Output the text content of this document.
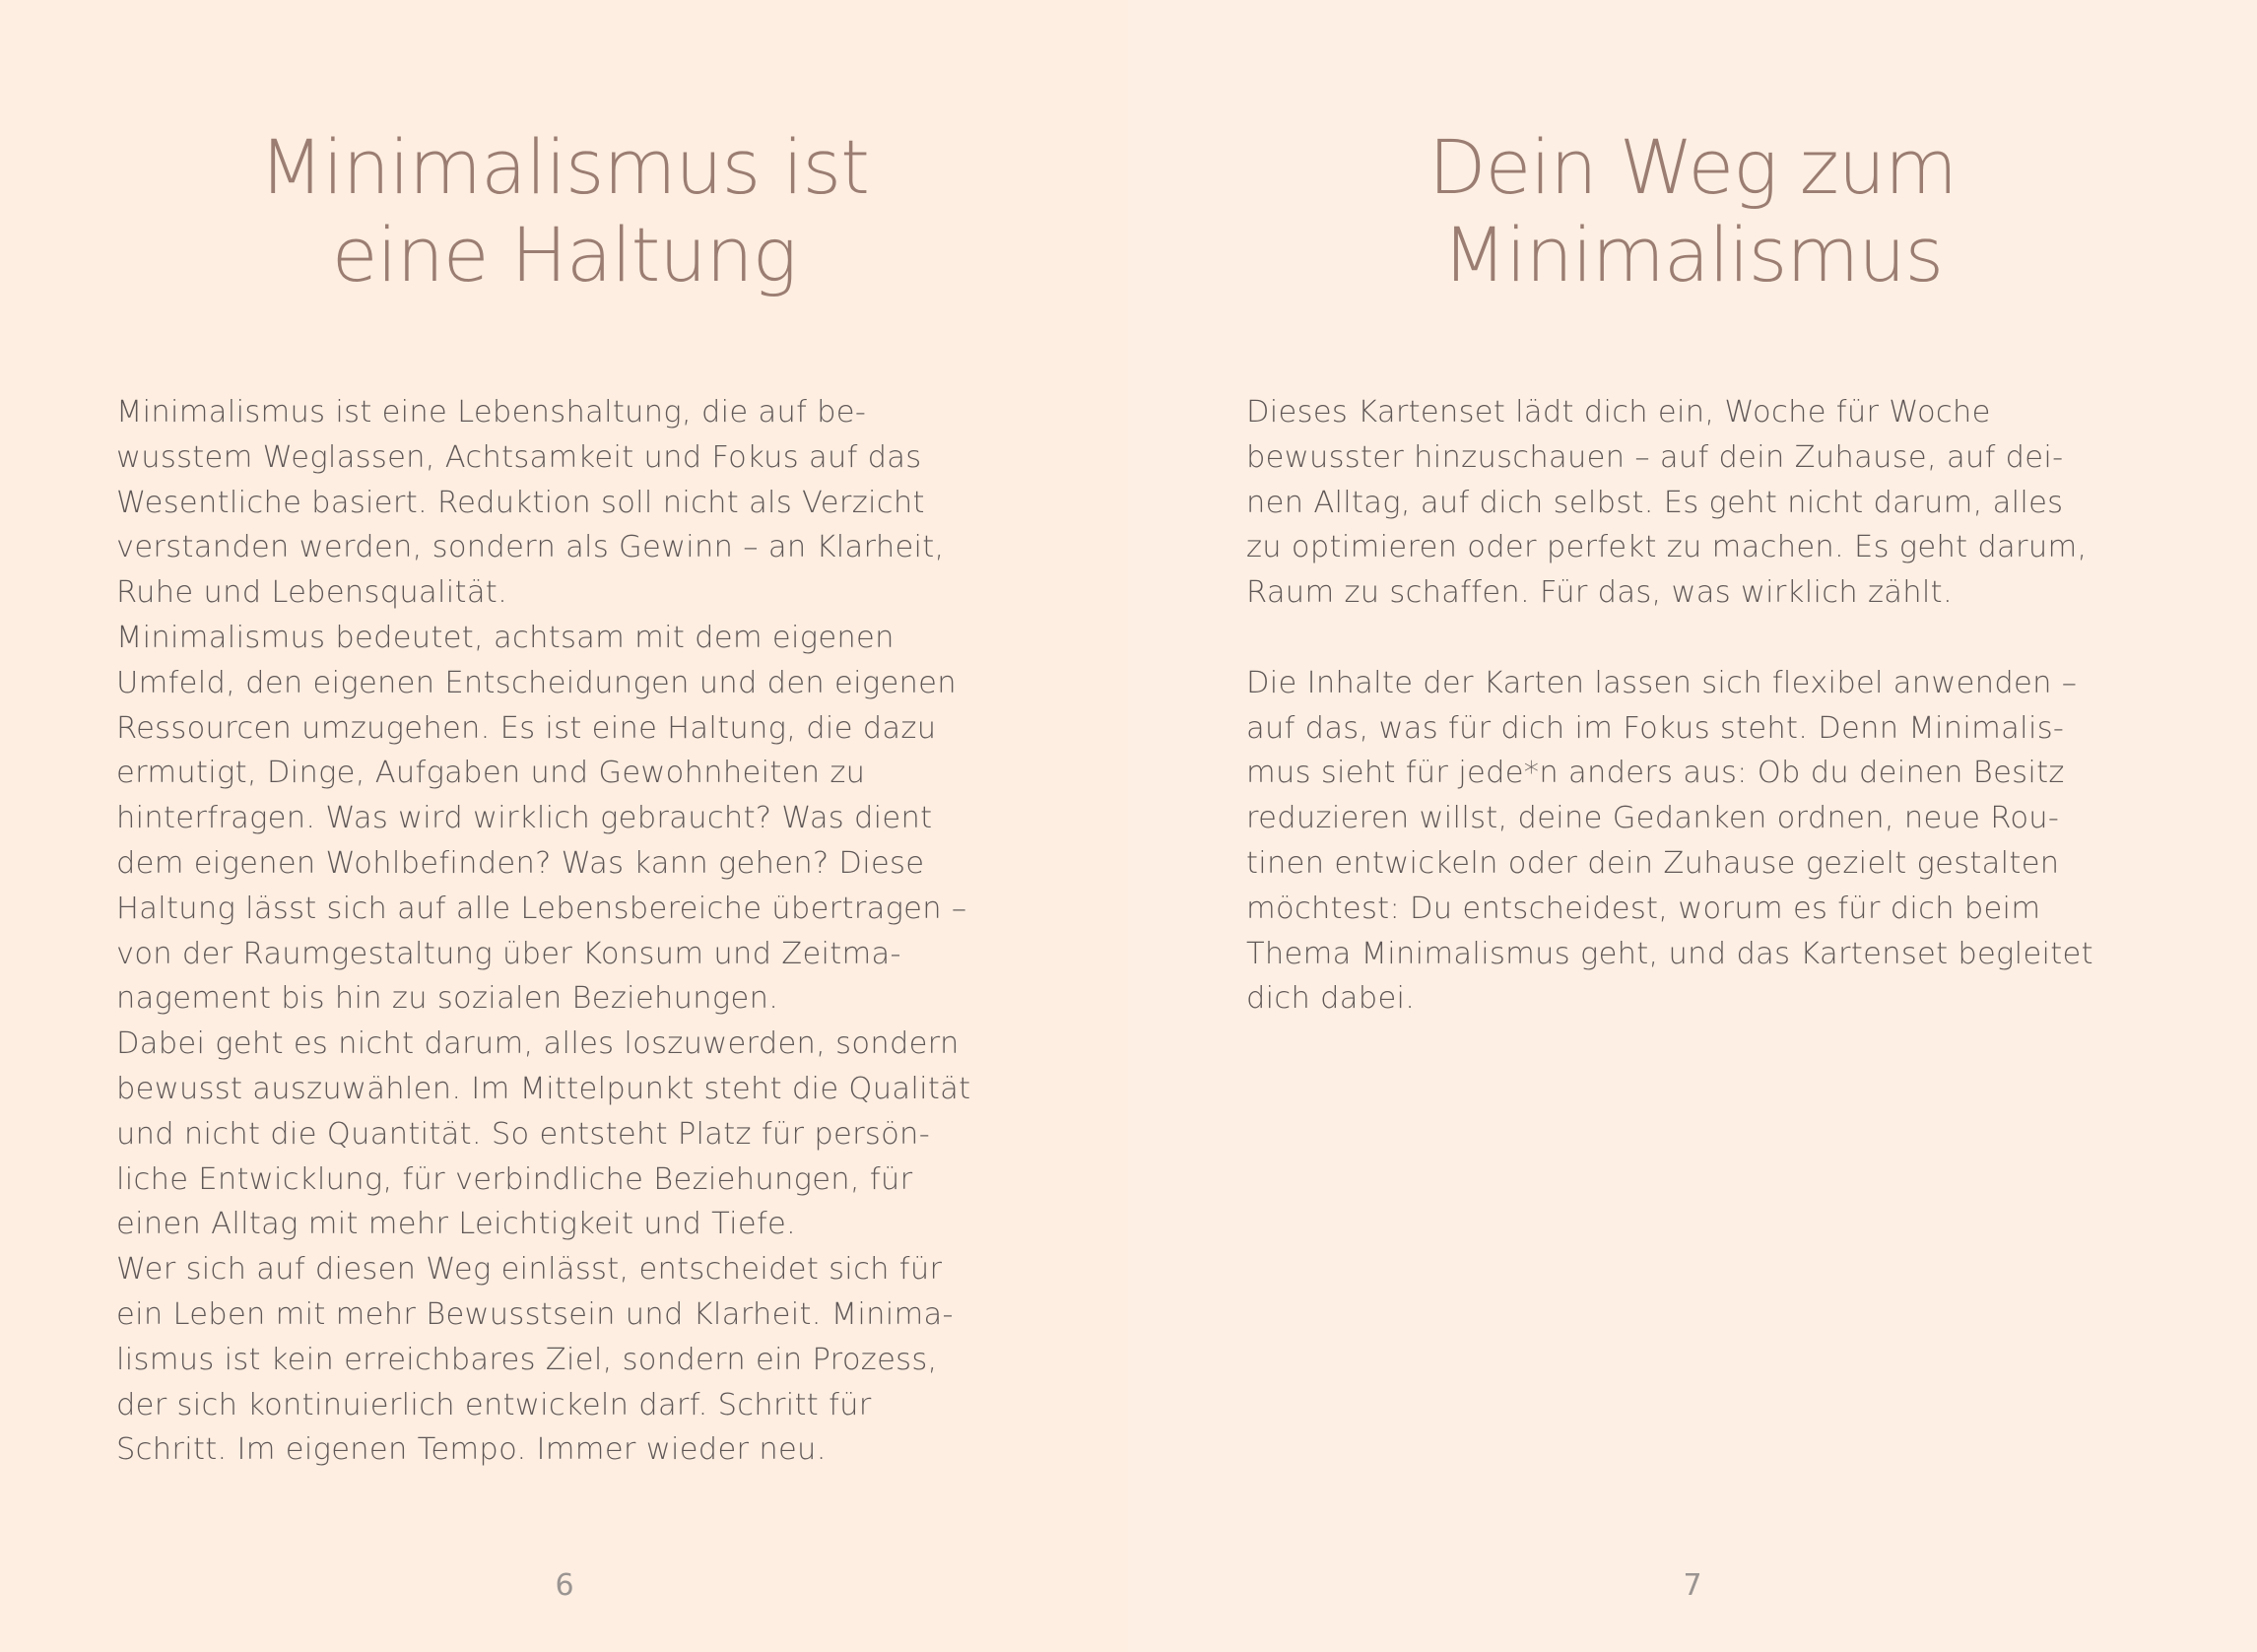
Minimalismus ist
eine Haltung
Minimalismus ist eine Lebenshaltung, die auf be-
wusstem Weglassen, Achtsamkeit und Fokus auf das
Wesentliche basiert. Reduktion soll nicht als Verzicht
verstanden werden, sondern als Gewinn – an Klarheit,
Ruhe und Lebensqualität.
Minimalismus bedeutet, achtsam mit dem eigenen
Umfeld, den eigenen Entscheidungen und den eigenen
Ressourcen umzugehen. Es ist eine Haltung, die dazu
ermutigt, Dinge, Aufgaben und Gewohnheiten zu
hinterfragen. Was wird wirklich gebraucht? Was dient
dem eigenen Wohlbefinden? Was kann gehen? Diese
Haltung lässt sich auf alle Lebensbereiche übertragen –
von der Raumgestaltung über Konsum und Zeitma-
nagement bis hin zu sozialen Beziehungen.
Dabei geht es nicht darum, alles loszuwerden, sondern
bewusst auszuwählen. Im Mittelpunkt steht die Qualität
und nicht die Quantität. So entsteht Platz für persön-
liche Entwicklung, für verbindliche Beziehungen, für
einen Alltag mit mehr Leichtigkeit und Tiefe.
Wer sich auf diesen Weg einlässt, entscheidet sich für
ein Leben mit mehr Bewusstsein und Klarheit. Minima-
lismus ist kein erreichbares Ziel, sondern ein Prozess,
der sich kontinuierlich entwickeln darf. Schritt für
Schritt. Im eigenen Tempo. Immer wieder neu.
6
Dein Weg zum
Minimalismus
Dieses Kartenset lädt dich ein, Woche für Woche
bewusster hinzuschauen – auf dein Zuhause, auf dei-
nen Alltag, auf dich selbst. Es geht nicht darum, alles
zu optimieren oder perfekt zu machen. Es geht darum,
Raum zu schaffen. Für das, was wirklich zählt.
Die Inhalte der Karten lassen sich flexibel anwenden –
auf das, was für dich im Fokus steht. Denn Minimalis-
mus sieht für jede*n anders aus: Ob du deinen Besitz
reduzieren willst, deine Gedanken ordnen, neue Rou-
tinen entwickeln oder dein Zuhause gezielt gestalten
möchtest: Du entscheidest, worum es für dich beim
Thema Minimalismus geht, und das Kartenset begleitet
dich dabei.
7
